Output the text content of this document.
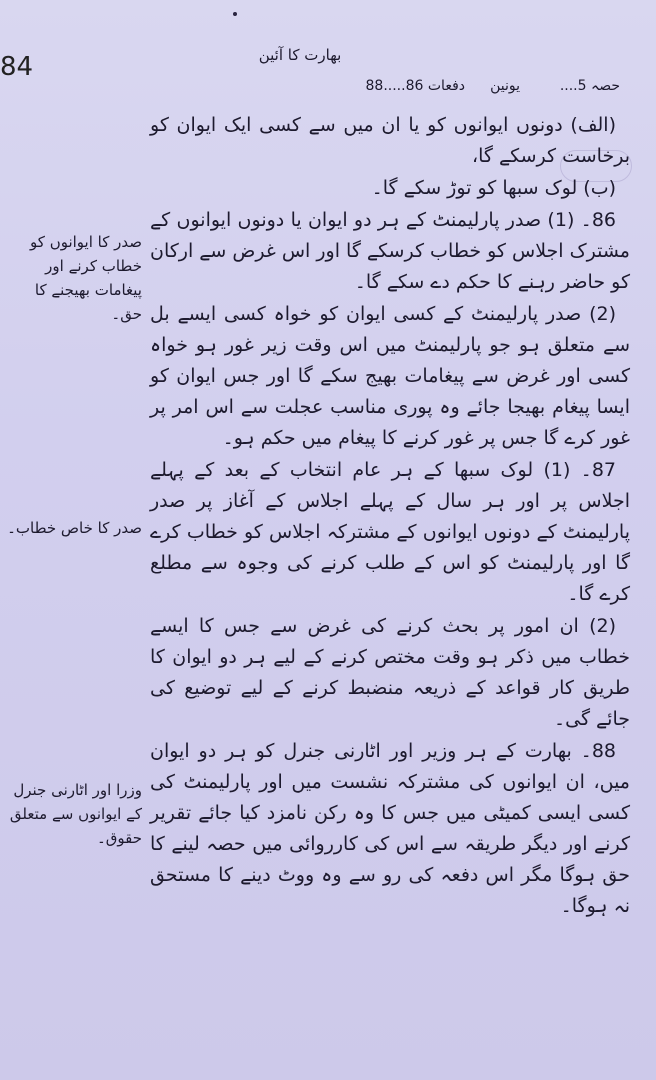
84	بھارت کا آئین
حصہ 5....
یونین
دفعات 86.....88

(الف) دونوں ایوانوں کو یا ان میں سے کسی ایک ایوان کو برخاست کرسکے گا،

(ب) لوک سبھا کو توڑ سکے گا۔

86۔ (1) صدر پارلیمنٹ کے ہر دو ایوان یا دونوں ایوانوں کے مشترک اجلاس کو خطاب کرسکے گا اور اس غرض سے ارکان کو حاضر رہنے کا حکم دے سکے گا۔

(2) صدر پارلیمنٹ کے کسی ایوان کو خواہ کسی ایسے بل سے متعلق ہو جو پارلیمنٹ میں اس وقت زیر غور ہو خواہ کسی اور غرض سے پیغامات بھیج سکے گا اور جس ایوان کو ایسا پیغام بھیجا جائے وہ پوری مناسب عجلت سے اس امر پر غور کرے گا جس پر غور کرنے کا پیغام میں حکم ہو۔

87۔ (1) لوک سبھا کے ہر عام انتخاب کے بعد کے پہلے اجلاس پر اور ہر سال کے پہلے اجلاس کے آغاز پر صدر پارلیمنٹ کے دونوں ایوانوں کے مشترکہ اجلاس کو خطاب کرے گا اور پارلیمنٹ کو اس کے طلب کرنے کی وجوہ سے مطلع کرے گا۔

(2) ان امور پر بحث کرنے کی غرض سے جس کا ایسے خطاب میں ذکر ہو وقت مختص کرنے کے لیے ہر دو ایوان کا طریق کار قواعد کے ذریعہ منضبط کرنے کے لیے توضیع کی جائے گی۔

88۔ بھارت کے ہر وزیر اور اٹارنی جنرل کو ہر دو ایوان میں، ان ایوانوں کی مشترکہ نشست میں اور پارلیمنٹ کی کسی ایسی کمیٹی میں جس کا وہ رکن نامزد کیا جائے تقریر کرنے اور دیگر طریقہ سے اس کی کارروائی میں حصہ لینے کا حق ہوگا مگر اس دفعہ کی رو سے وہ ووٹ دینے کا مستحق نہ ہوگا۔

صدر کا ایوانوں کو خطاب کرنے اور پیغامات بھیجنے کا حق۔
صدر کا خاص خطاب۔
وزرا اور اٹارنی جنرل کے ایوانوں سے متعلق حقوق۔
